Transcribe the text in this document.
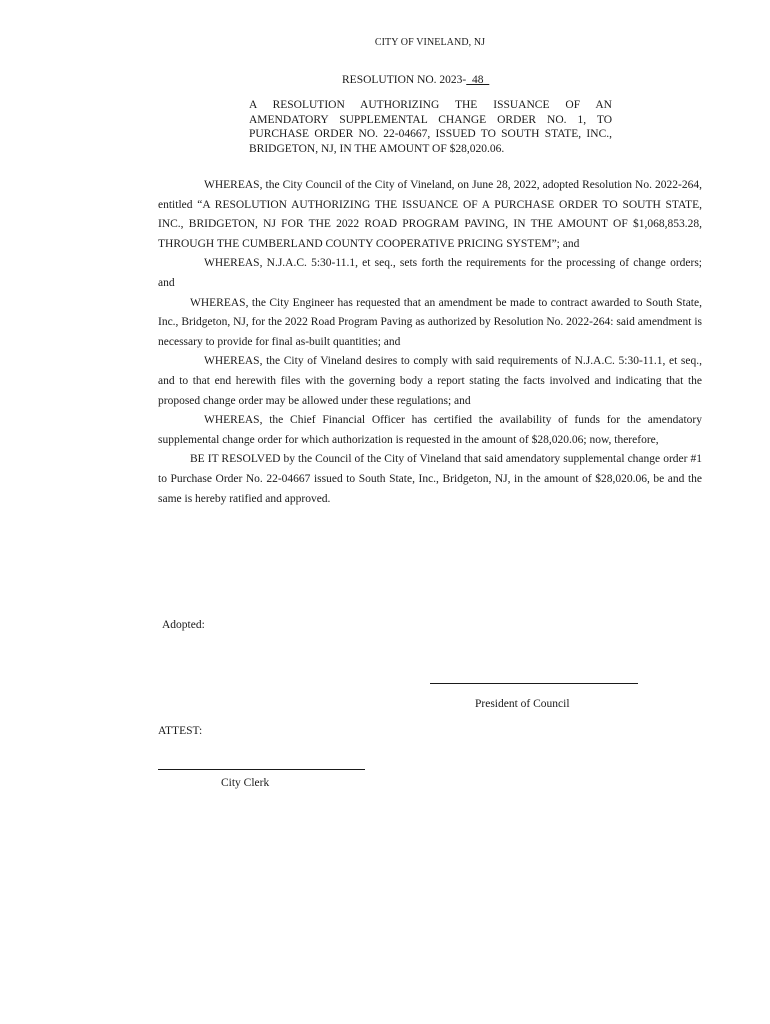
CITY OF VINELAND, NJ
RESOLUTION NO. 2023-  48
A RESOLUTION AUTHORIZING THE ISSUANCE OF AN AMENDATORY SUPPLEMENTAL CHANGE ORDER NO. 1, TO PURCHASE ORDER NO. 22-04667, ISSUED TO SOUTH STATE, INC., BRIDGETON, NJ, IN THE AMOUNT OF $28,020.06.

WHEREAS, the City Council of the City of Vineland, on June 28, 2022, adopted Resolution No. 2022-264, entitled “A RESOLUTION AUTHORIZING THE ISSUANCE OF A PURCHASE ORDER TO SOUTH STATE, INC., BRIDGETON, NJ FOR THE 2022 ROAD PROGRAM PAVING, IN THE AMOUNT OF $1,068,853.28, THROUGH THE CUMBERLAND COUNTY COOPERATIVE PRICING SYSTEM”; and

WHEREAS, N.J.A.C. 5:30-11.1, et seq., sets forth the requirements for the processing of change orders; and

WHEREAS, the City Engineer has requested that an amendment be made to contract awarded to South State, Inc., Bridgeton, NJ, for the 2022 Road Program Paving as authorized by Resolution No. 2022-264: said amendment is necessary to provide for final as-built quantities; and

WHEREAS, the City of Vineland desires to comply with said requirements of N.J.A.C. 5:30-11.1, et seq., and to that end herewith files with the governing body a report stating the facts involved and indicating that the proposed change order may be allowed under these regulations; and

WHEREAS, the Chief Financial Officer has certified the availability of funds for the amendatory supplemental change order for which authorization is requested in the amount of $28,020.06; now, therefore,

BE IT RESOLVED by the Council of the City of Vineland that said amendatory supplemental change order #1 to Purchase Order No. 22-04667 issued to South State, Inc., Bridgeton, NJ, in the amount of $28,020.06, be and the same is hereby ratified and approved.

Adopted:
President of Council
ATTEST:
City Clerk
